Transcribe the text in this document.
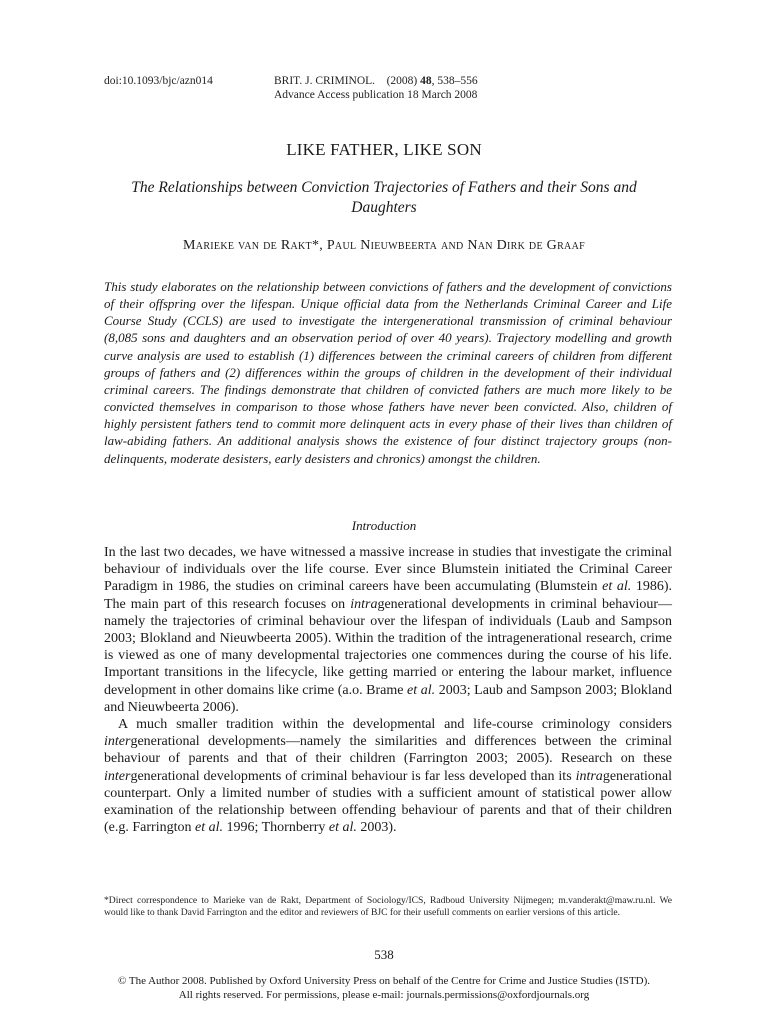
doi:10.1093/bjc/azn014	BRIT. J. CRIMINOL. (2008) 48, 538–556
Advance Access publication 18 March 2008
LIKE FATHER, LIKE SON
The Relationships between Conviction Trajectories of Fathers and their Sons and Daughters
Marieke van de Rakt*, Paul Nieuwbeerta and Nan Dirk de Graaf
This study elaborates on the relationship between convictions of fathers and the development of convictions of their offspring over the lifespan. Unique official data from the Netherlands Criminal Career and Life Course Study (CCLS) are used to investigate the intergenerational transmission of criminal behaviour (8,085 sons and daughters and an observation period of over 40 years). Trajectory modelling and growth curve analysis are used to establish (1) differences between the criminal careers of children from different groups of fathers and (2) differences within the groups of children in the development of their individual criminal careers. The findings demonstrate that children of convicted fathers are much more likely to be convicted themselves in comparison to those whose fathers have never been convicted. Also, children of highly persistent fathers tend to commit more delinquent acts in every phase of their lives than children of law-abiding fathers. An additional analysis shows the existence of four distinct trajectory groups (non-delinquents, moderate desisters, early desisters and chronics) amongst the children.
Introduction

In the last two decades, we have witnessed a massive increase in studies that investigate the criminal behaviour of individuals over the life course. Ever since Blumstein initiated the Criminal Career Paradigm in 1986, the studies on criminal careers have been accumulating (Blumstein et al. 1986). The main part of this research focuses on intragenerational developments in criminal behaviour—namely the trajectories of criminal behaviour over the lifespan of individuals (Laub and Sampson 2003; Blokland and Nieuwbeerta 2005). Within the tradition of the intragenerational research, crime is viewed as one of many developmental trajectories one commences during the course of his life. Important transitions in the lifecycle, like getting married or entering the labour market, influence development in other domains like crime (a.o. Brame et al. 2003; Laub and Sampson 2003; Blokland and Nieuwbeerta 2006).

A much smaller tradition within the developmental and life-course criminology considers intergenerational developments—namely the similarities and differences between the criminal behaviour of parents and that of their children (Farrington 2003; 2005). Research on these intergenerational developments of criminal behaviour is far less developed than its intragenerational counterpart. Only a limited number of studies with a sufficient amount of statistical power allow examination of the relationship between offending behaviour of parents and that of their children (e.g. Farrington et al. 1996; Thornberry et al. 2003).

*Direct correspondence to Marieke van de Rakt, Department of Sociology/ICS, Radboud University Nijmegen; m.vanderakt@maw.ru.nl. We would like to thank David Farrington and the editor and reviewers of BJC for their usefull comments on earlier versions of this article.
538
© The Author 2008. Published by Oxford University Press on behalf of the Centre for Crime and Justice Studies (ISTD).
All rights reserved. For permissions, please e-mail: journals.permissions@oxfordjournals.org
